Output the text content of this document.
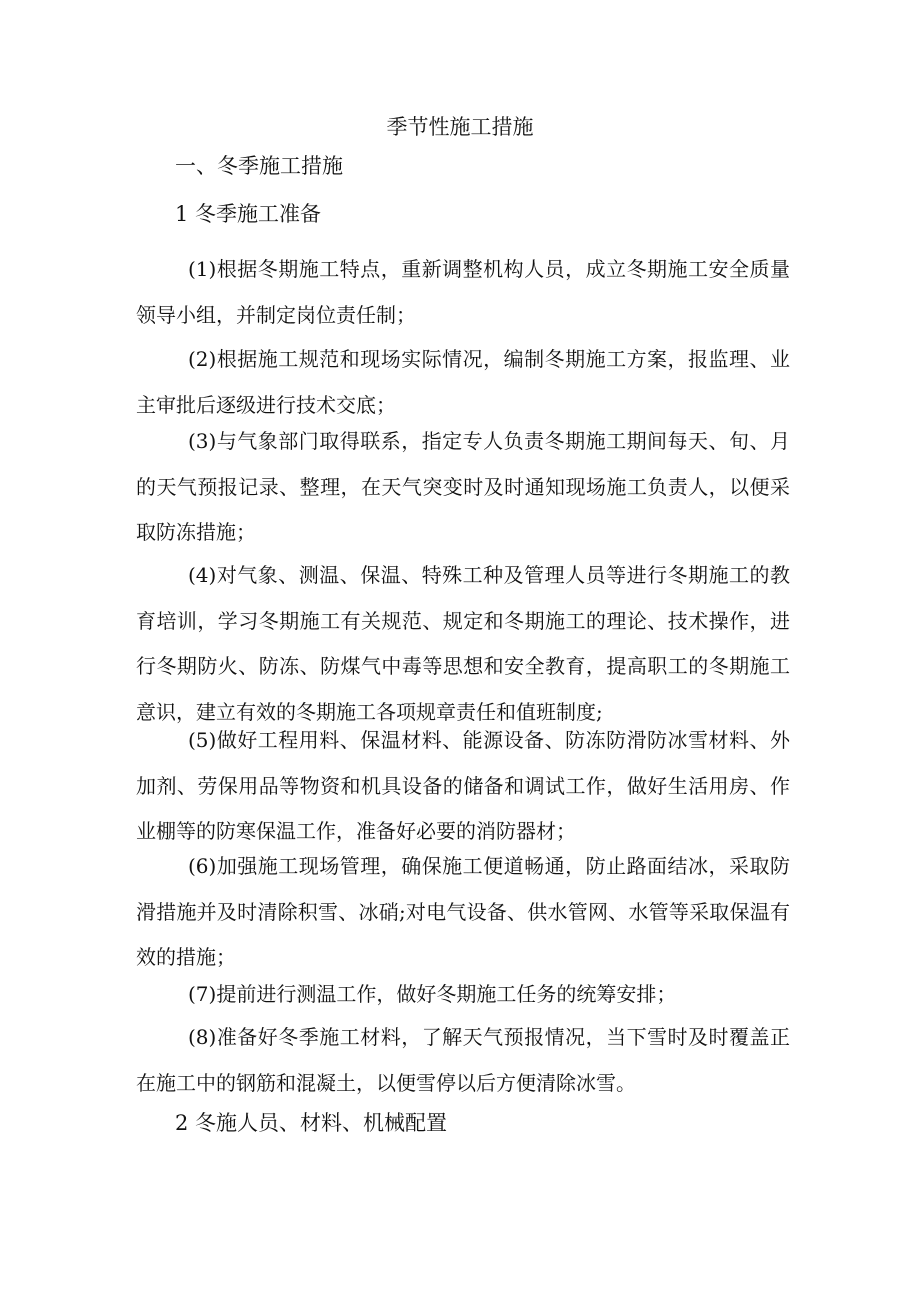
季节性施工措施
一、冬季施工措施
1 冬季施工准备

(1)根据冬期施工特点，重新调整机构人员，成立冬期施工安全质量领导小组，并制定岗位责任制；

(2)根据施工规范和现场实际情况，编制冬期施工方案，报监理、业主审批后逐级进行技术交底；

(3)与气象部门取得联系，指定专人负责冬期施工期间每天、旬、月的天气预报记录、整理，在天气突变时及时通知现场施工负责人，以便采取防冻措施；

(4)对气象、测温、保温、特殊工种及管理人员等进行冬期施工的教育培训，学习冬期施工有关规范、规定和冬期施工的理论、技术操作，进行冬期防火、防冻、防煤气中毒等思想和安全教育，提高职工的冬期施工意识，建立有效的冬期施工各项规章责任和值班制度;

(5)做好工程用料、保温材料、能源设备、防冻防滑防冰雪材料、外加剂、劳保用品等物资和机具设备的储备和调试工作，做好生活用房、作业棚等的防寒保温工作，准备好必要的消防器材；

(6)加强施工现场管理，确保施工便道畅通，防止路面结冰，采取防滑措施并及时清除积雪、冰硝;对电气设备、供水管网、水管等采取保温有效的措施；

(7)提前进行测温工作，做好冬期施工任务的统筹安排；

(8)准备好冬季施工材料，了解天气预报情况，当下雪时及时覆盖正在施工中的钢筋和混凝土，以便雪停以后方便清除冰雪。

2 冬施人员、材料、机械配置
